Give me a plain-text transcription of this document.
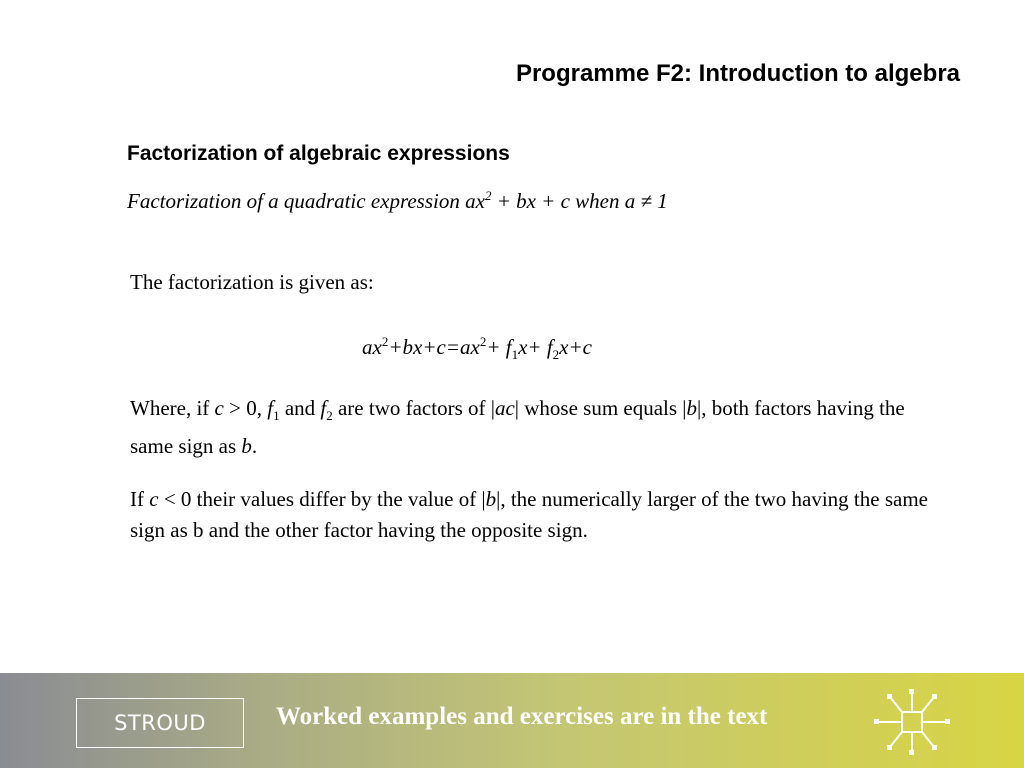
Programme F2: Introduction to algebra
Factorization of algebraic expressions
Factorization of a quadratic expression $ax^2$ + bx + c when a ≠ 1
The factorization is given as:
$ax^2+bx+c=ax^2+ f_1x+ f_2x+c$
Where, if c > 0, $f_1$ and $f_2$ are two factors of |ac| whose sum equals |b|, both factors having the same sign as b.
If c < 0 their values differ by the value of |b|, the numerically larger of the two having the same sign as b and the other factor having the opposite sign.
STROUD	Worked examples and exercises are in the text
